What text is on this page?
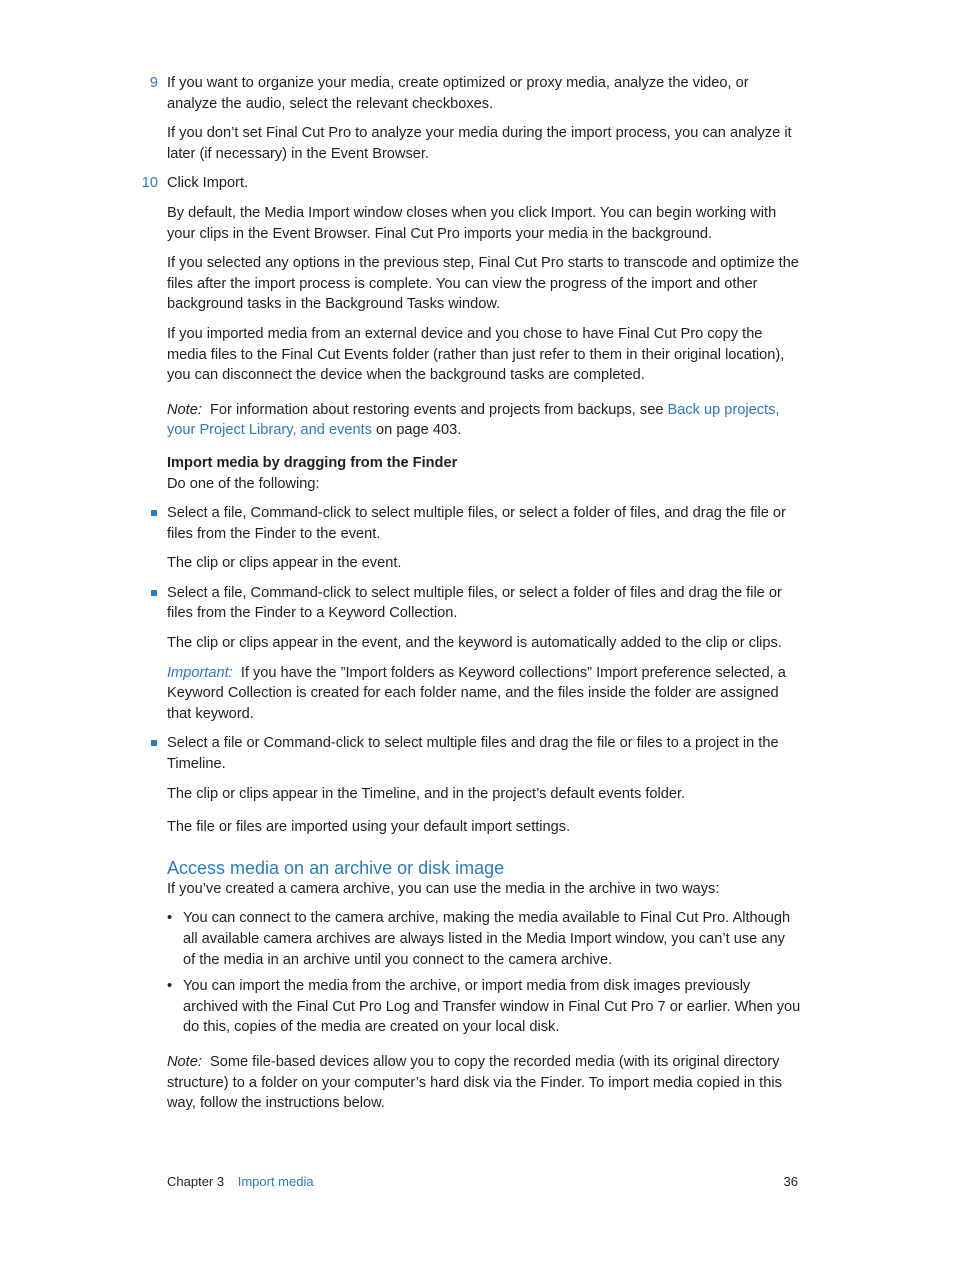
9 If you want to organize your media, create optimized or proxy media, analyze the video, or analyze the audio, select the relevant checkboxes.

If you don’t set Final Cut Pro to analyze your media during the import process, you can analyze it later (if necessary) in the Event Browser.

10 Click Import.

By default, the Media Import window closes when you click Import. You can begin working with your clips in the Event Browser. Final Cut Pro imports your media in the background.

If you selected any options in the previous step, Final Cut Pro starts to transcode and optimize the files after the import process is complete. You can view the progress of the import and other background tasks in the Background Tasks window.

If you imported media from an external device and you chose to have Final Cut Pro copy the media files to the Final Cut Events folder (rather than just refer to them in their original location), you can disconnect the device when the background tasks are completed.

Note: For information about restoring events and projects from backups, see Back up projects, your Project Library, and events on page 403.

Import media by dragging from the Finder

Do one of the following:

Select a file, Command-click to select multiple files, or select a folder of files, and drag the file or files from the Finder to the event.

The clip or clips appear in the event.

Select a file, Command-click to select multiple files, or select a folder of files and drag the file or files from the Finder to a Keyword Collection.

The clip or clips appear in the event, and the keyword is automatically added to the clip or clips.

Important: If you have the ”Import folders as Keyword collections” Import preference selected, a Keyword Collection is created for each folder name, and the files inside the folder are assigned that keyword.

Select a file or Command-click to select multiple files and drag the file or files to a project in the Timeline.

The clip or clips appear in the Timeline, and in the project’s default events folder.

The file or files are imported using your default import settings.

Access media on an archive or disk image

If you’ve created a camera archive, you can use the media in the archive in two ways:

• You can connect to the camera archive, making the media available to Final Cut Pro. Although all available camera archives are always listed in the Media Import window, you can’t use any of the media in an archive until you connect to the camera archive.

• You can import the media from the archive, or import media from disk images previously archived with the Final Cut Pro Log and Transfer window in Final Cut Pro 7 or earlier. When you do this, copies of the media are created on your local disk.

Note: Some file-based devices allow you to copy the recorded media (with its original directory structure) to a folder on your computer’s hard disk via the Finder. To import media copied in this way, follow the instructions below.

Chapter 3 Import media	36
